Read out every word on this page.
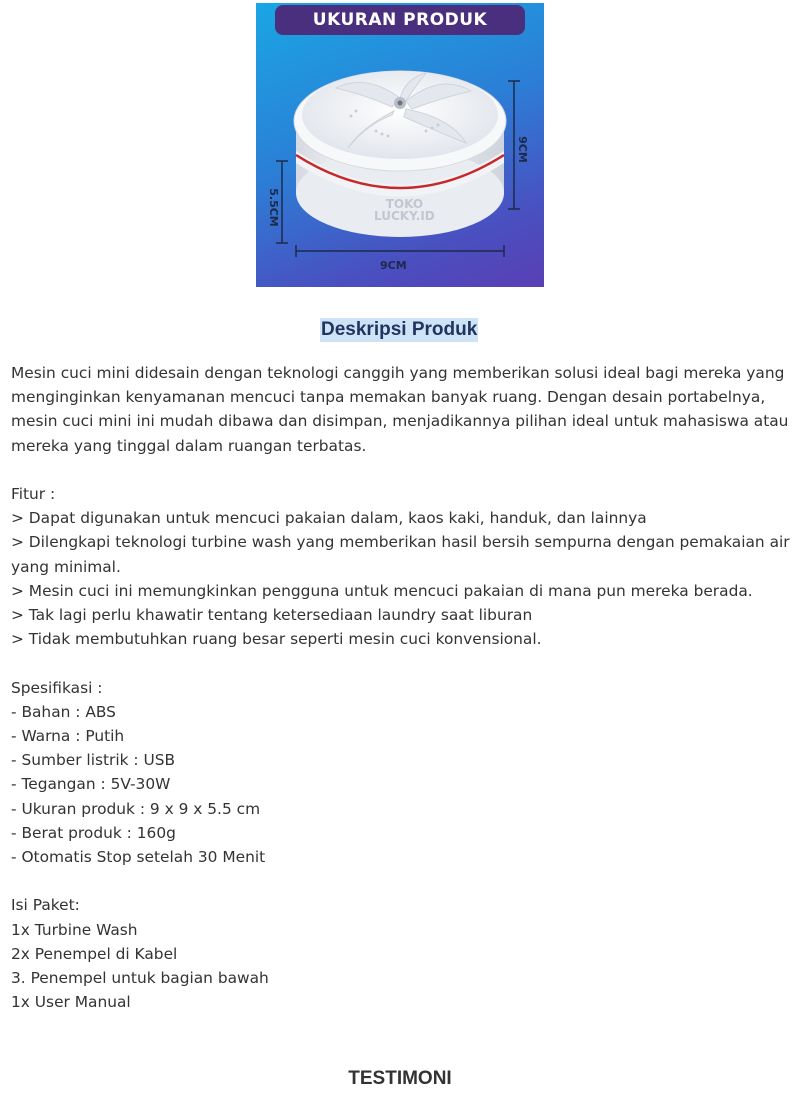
UKURAN PRODUK
9CM
5.5CM
9CM
TOKO
LUCKY.ID
Deskripsi Produk

Mesin cuci mini didesain dengan teknologi canggih yang memberikan solusi ideal bagi mereka yang menginginkan kenyamanan mencuci tanpa memakan banyak ruang. Dengan desain portabelnya, mesin cuci mini ini mudah dibawa dan disimpan, menjadikannya pilihan ideal untuk mahasiswa atau mereka yang tinggal dalam ruangan terbatas.

Fitur :

> Dapat digunakan untuk mencuci pakaian dalam, kaos kaki, handuk, dan lainnya

> Dilengkapi teknologi turbine wash yang memberikan hasil bersih sempurna dengan pemakaian air yang minimal.

> Mesin cuci ini memungkinkan pengguna untuk mencuci pakaian di mana pun mereka berada.

> Tak lagi perlu khawatir tentang ketersediaan laundry saat liburan

> Tidak membutuhkan ruang besar seperti mesin cuci konvensional.

Spesifikasi :

- Bahan : ABS

- Warna : Putih

- Sumber listrik : USB

- Tegangan : 5V-30W

- Ukuran produk : 9 x 9 x 5.5 cm

- Berat produk : 160g

- Otomatis Stop setelah 30 Menit

Isi Paket:

1x Turbine Wash

2x Penempel di Kabel

3. Penempel untuk bagian bawah

1x User Manual

TESTIMONI
